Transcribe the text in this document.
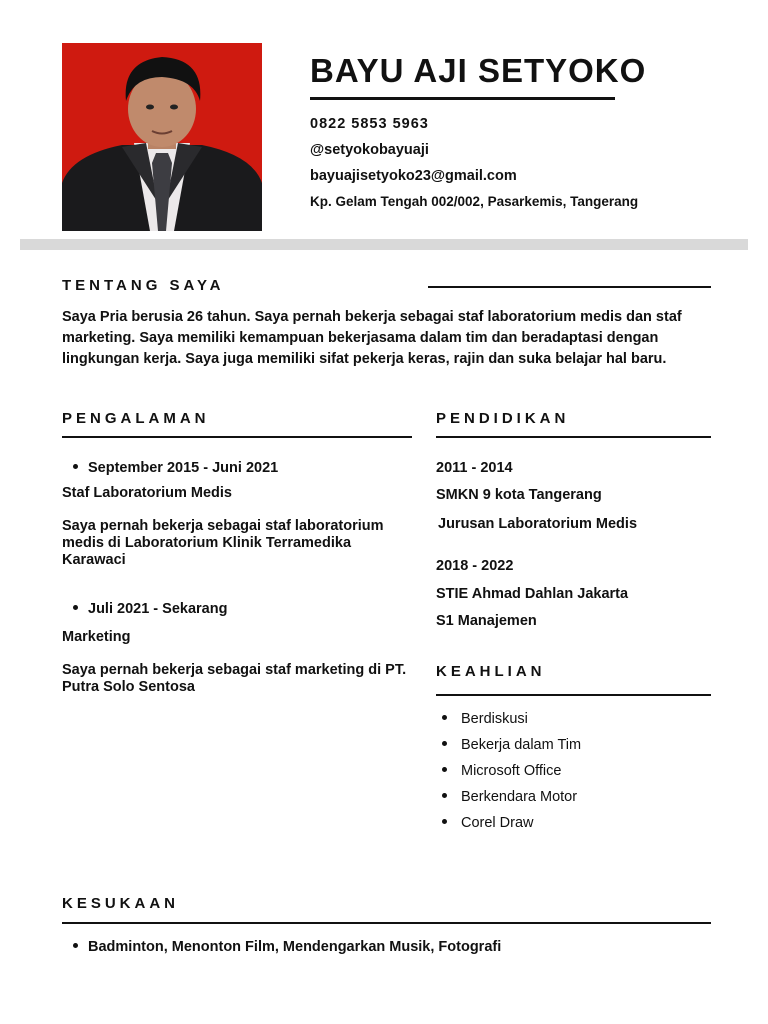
BAYU AJI SETYOKO
0822 5853 5963
@setyokobayuaji
bayuajisetyoko23@gmail.com
Kp. Gelam Tengah 002/002, Pasarkemis, Tangerang
TENTANG SAYA
Saya Pria berusia 26 tahun. Saya pernah bekerja sebagai staf laboratorium medis dan staf marketing. Saya memiliki kemampuan bekerjasama dalam tim dan beradaptasi dengan lingkungan kerja. Saya juga memiliki sifat pekerja keras, rajin dan suka belajar hal baru.
PENGALAMAN
September 2015 - Juni 2021
Staf Laboratorium Medis
Saya pernah bekerja sebagai staf laboratorium medis di Laboratorium Klinik Terramedika Karawaci
Juli 2021 - Sekarang
Marketing
Saya pernah bekerja sebagai staf marketing di PT. Putra Solo Sentosa
PENDIDIKAN
2011 - 2014
SMKN 9 kota Tangerang
Jurusan Laboratorium Medis
2018 - 2022
STIE Ahmad Dahlan Jakarta
S1 Manajemen
KEAHLIAN
Berdiskusi
Bekerja dalam Tim
Microsoft Office
Berkendara Motor
Corel Draw
KESUKAAN
Badminton, Menonton Film, Mendengarkan Musik, Fotografi
